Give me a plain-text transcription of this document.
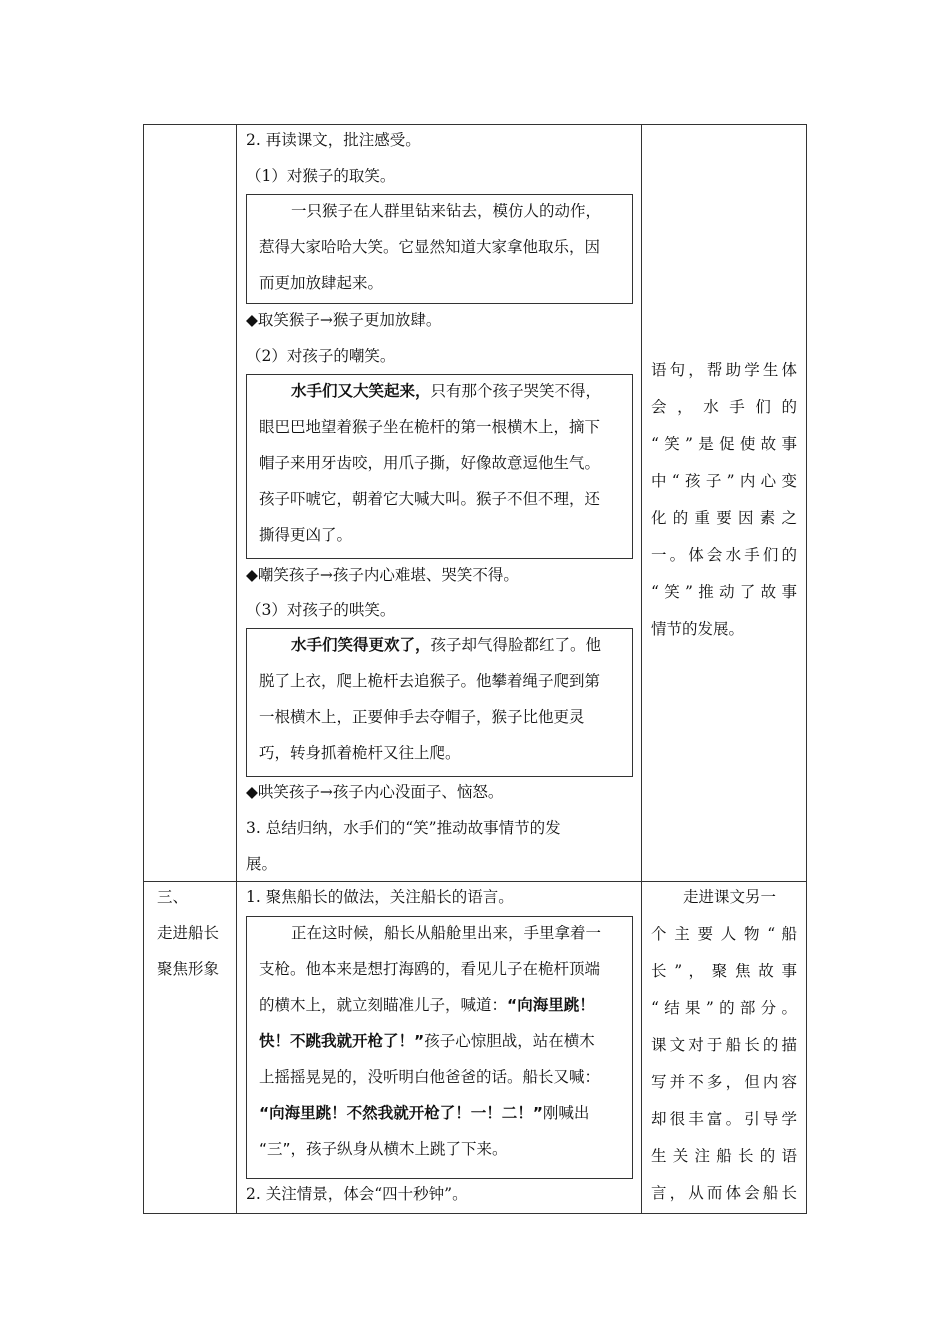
2. 再读课文，批注感受。
（1）对猴子的取笑。
一只猴子在人群里钻来钻去，模仿人的动作，
惹得大家哈哈大笑。它显然知道大家拿他取乐，因
而更加放肆起来。
◆取笑猴子→猴子更加放肆。
（2）对孩子的嘲笑。
水手们又大笑起来，只有那个孩子哭笑不得，
眼巴巴地望着猴子坐在桅杆的第一根横木上，摘下
帽子来用牙齿咬，用爪子撕，好像故意逗他生气。
孩子吓唬它，朝着它大喊大叫。猴子不但不理，还
撕得更凶了。
◆嘲笑孩子→孩子内心难堪、哭笑不得。
（3）对孩子的哄笑。
水手们笑得更欢了，孩子却气得脸都红了。他
脱了上衣，爬上桅杆去追猴子。他攀着绳子爬到第
一根横木上，正要伸手去夺帽子，猴子比他更灵
巧，转身抓着桅杆又往上爬。
◆哄笑孩子→孩子内心没面子、恼怒。
3. 总结归纳，水手们的“笑”推动故事情节的发
展。
语句，帮助学生体
会 ， 水 手 们 的
“笑”是促使故事
中“孩子”内心变
化 的 重 要 因 素 之
一。体会水手们的
“笑”推动了故事
情节的发展。
三、
走进船长
聚焦形象
1. 聚焦船长的做法，关注船长的语言。
正在这时候，船长从船舱里出来，手里拿着一
支枪。他本来是想打海鸥的，看见儿子在桅杆顶端
的横木上，就立刻瞄准儿子，喊道：“向海里跳！
快！不跳我就开枪了！”孩子心惊胆战，站在横木
上摇摇晃晃的，没听明白他爸爸的话。船长又喊：
“向海里跳！不然我就开枪了！一！二！”刚喊出
“三”，孩子纵身从横木上跳了下来。
2. 关注情景，体会“四十秒钟”。
走进课文另一
个 主 要 人 物 “ 船
长 ” ， 聚 焦 故 事
“结果”的部分。
课文对于船长的描
写并不多，但内容
却很丰富。引导学
生 关 注 船 长 的 语
言，从而体会船长
